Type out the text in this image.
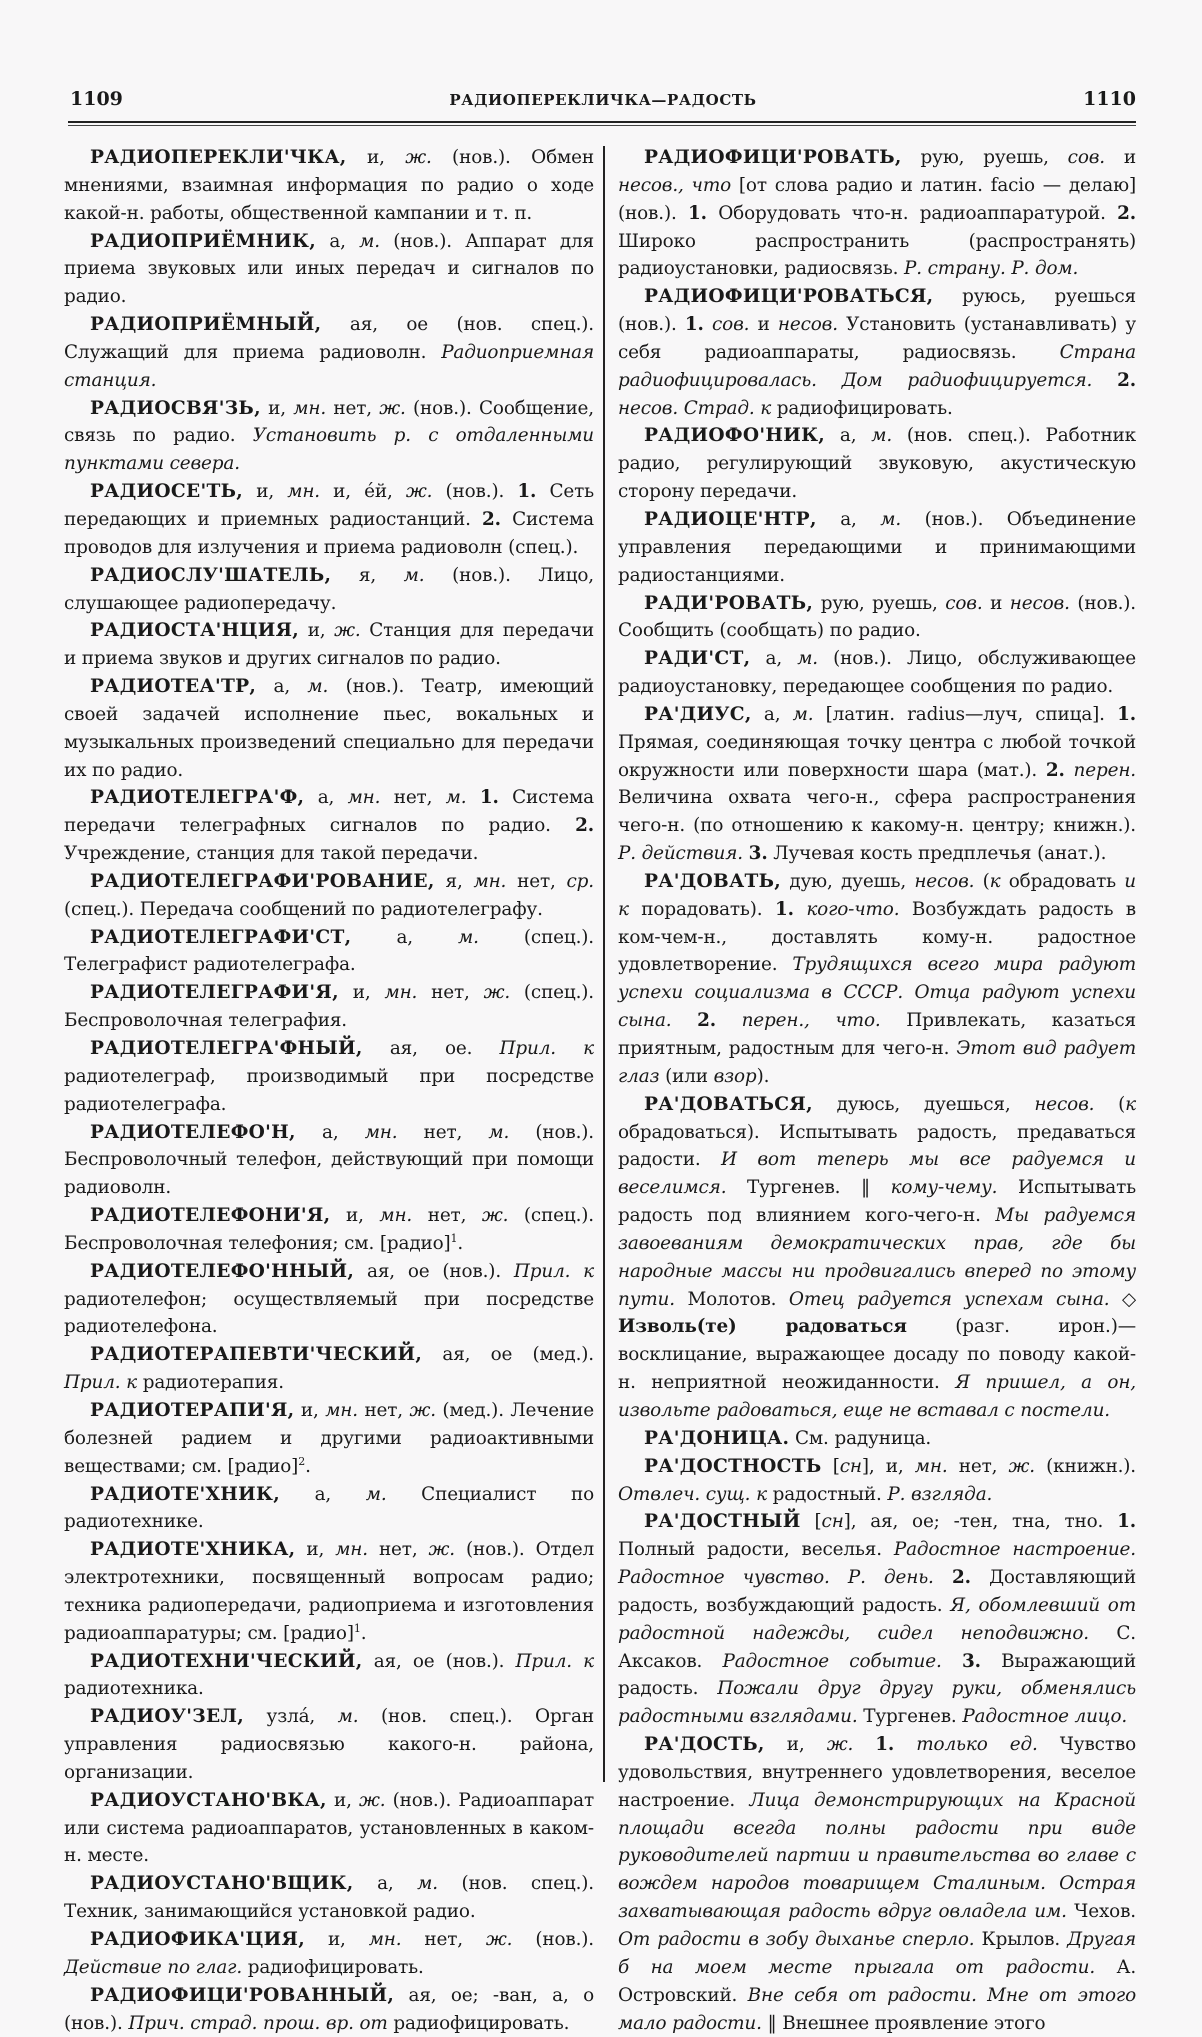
1109	РАДИОПЕРЕКЛИЧКА—РАДОСТЬ	1110

РАДИОПЕРЕКЛИ'ЧКА, и, ж. (нов.). Обмен мнениями, взаимная информация по радио о ходе какой-н. работы, общественной кампании и т. п.

РАДИОПРИЁМНИК, а, м. (нов.). Аппарат для приема звуковых или иных передач и сигналов по радио.

РАДИОПРИЁМНЫЙ, ая, ое (нов. спец.). Служащий для приема радиоволн. Радиоприемная станция.

РАДИОСВЯ'ЗЬ, и, мн. нет, ж. (нов.). Сообщение, связь по радио. Установить р. с отдаленными пунктами севера.

РАДИОСЕ'ТЬ, и, мн. и, е́й, ж. (нов.). 1. Сеть передающих и приемных радиостанций. 2. Система проводов для излучения и приема радиоволн (спец.).

РАДИОСЛУ'ШАТЕЛЬ, я, м. (нов.). Лицо, слушающее радиопередачу.

РАДИОСТА'НЦИЯ, и, ж. Станция для передачи и приема звуков и других сигналов по радио.

РАДИОТЕА'ТР, а, м. (нов.). Театр, имеющий своей задачей исполнение пьес, вокальных и музыкальных произведений специально для передачи их по радио.

РАДИОТЕЛЕГРА'Ф, а, мн. нет, м. 1. Система передачи телеграфных сигналов по радио. 2. Учреждение, станция для такой передачи.

РАДИОТЕЛЕГРАФИ'РОВАНИЕ, я, мн. нет, ср. (спец.). Передача сообщений по радиотелеграфу.

РАДИОТЕЛЕГРАФИ'СТ, а, м. (спец.). Телеграфист радиотелеграфа.

РАДИОТЕЛЕГРАФИ'Я, и, мн. нет, ж. (спец.). Беспроволочная телеграфия.

РАДИОТЕЛЕГРА'ФНЫЙ, ая, ое. Прил. к радиотелеграф, производимый при посредстве радиотелеграфа.

РАДИОТЕЛЕФО'Н, а, мн. нет, м. (нов.). Беспроволочный телефон, действующий при помощи радиоволн.

РАДИОТЕЛЕФОНИ'Я, и, мн. нет, ж. (спец.). Беспроволочная телефония; см. [радио]$^1$.

РАДИОТЕЛЕФО'ННЫЙ, ая, ое (нов.). Прил. к радиотелефон; осуществляемый при посредстве радиотелефона.

РАДИОТЕРАПЕВТИ'ЧЕСКИЙ, ая, ое (мед.). Прил. к радиотерапия.

РАДИОТЕРАПИ'Я, и, мн. нет, ж. (мед.). Лечение болезней радием и другими радиоактивными веществами; см. [радио]$^2$.

РАДИОТЕ'ХНИК, а, м. Специалист по радиотехнике.

РАДИОТЕ'ХНИКА, и, мн. нет, ж. (нов.). Отдел электротехники, посвященный вопросам радио; техника радиопередачи, радиоприема и изготовления радиоаппаратуры; см. [радио]$^1$.

РАДИОТЕХНИ'ЧЕСКИЙ, ая, ое (нов.). Прил. к радиотехника.

РАДИОУ'ЗЕЛ, узла́, м. (нов. спец.). Орган управления радиосвязью какого-н. района, организации.

РАДИОУСТАНО'ВКА, и, ж. (нов.). Радиоаппарат или система радиоаппаратов, установленных в каком-н. месте.

РАДИОУСТАНО'ВЩИК, а, м. (нов. спец.). Техник, занимающийся установкой радио.

РАДИОФИКА'ЦИЯ, и, мн. нет, ж. (нов.). Действие по глаг. радиофицировать.

РАДИОФИЦИ'РОВАННЫЙ, ая, ое; -ван, а, о (нов.). Прич. страд. прош. вр. от радиофицировать.

РАДИОФИЦИ'РОВАТЬ, рую, руешь, сов. и несов., что [от слова радио и латин. facio — делаю] (нов.). 1. Оборудовать что-н. радиоаппаратурой. 2. Широко распространить (распространять) радиоустановки, радиосвязь. Р. страну. Р. дом.

РАДИОФИЦИ'РОВАТЬСЯ, руюсь, руешься (нов.). 1. сов. и несов. Установить (устанавливать) у себя радиоаппараты, радиосвязь. Страна радиофицировалась. Дом радиофицируется. 2. несов. Страд. к радиофицировать.

РАДИОФО'НИК, а, м. (нов. спец.). Работник радио, регулирующий звуковую, акустическую сторону передачи.

РАДИОЦЕ'НТР, а, м. (нов.). Объединение управления передающими и принимающими радиостанциями.

РАДИ'РОВАТЬ, рую, руешь, сов. и несов. (нов.). Сообщить (сообщать) по радио.

РАДИ'СТ, а, м. (нов.). Лицо, обслуживающее радиоустановку, передающее сообщения по радио.

РА'ДИУС, а, м. [латин. radius—луч, спица]. 1. Прямая, соединяющая точку центра с любой точкой окружности или поверхности шара (мат.). 2. перен. Величина охвата чего-н., сфера распространения чего-н. (по отношению к какому-н. центру; книжн.). Р. действия. 3. Лучевая кость предплечья (анат.).

РА'ДОВАТЬ, дую, дуешь, несов. (к обрадовать и к порадовать). 1. кого-что. Возбуждать радость в ком-чем-н., доставлять кому-н. радостное удовлетворение. Трудящихся всего мира радуют успехи социализма в СССР. Отца радуют успехи сына. 2. перен., что. Привлекать, казаться приятным, радостным для чего-н. Этот вид радует глаз (или взор).

РА'ДОВАТЬСЯ, дуюсь, дуешься, несов. (к обрадоваться). Испытывать радость, предаваться радости. И вот теперь мы все радуемся и веселимся. Тургенев. ‖ кому-чему. Испытывать радость под влиянием кого-чего-н. Мы радуемся завоеваниям демократических прав, где бы народные массы ни продвигались вперед по этому пути. Молотов. Отец радуется успехам сына. ◇ Изволь(те) радоваться (разг. ирон.)—восклицание, выражающее досаду по поводу какой-н. неприятной неожиданности. Я пришел, а он, извольте радоваться, еще не вставал с постели.

РА'ДОНИЦА. См. радуница.

РА'ДОСТНОСТЬ [сн], и, мн. нет, ж. (книжн.). Отвлеч. сущ. к радостный. Р. взгляда.

РА'ДОСТНЫЙ [сн], ая, ое; -тен, тна, тно. 1. Полный радости, веселья. Радостное настроение. Радостное чувство. Р. день. 2. Доставляющий радость, возбуждающий радость. Я, обомлевший от радостной надежды, сидел неподвижно. С. Аксаков. Радостное событие. 3. Выражающий радость. Пожали друг другу руки, обменялись радостными взглядами. Тургенев. Радостное лицо.

РА'ДОСТЬ, и, ж. 1. только ед. Чувство удовольствия, внутреннего удовлетворения, веселое настроение. Лица демонстрирующих на Красной площади всегда полны радости при виде руководителей партии и правительства во главе с вождем народов товарищем Сталиным. Острая захватывающая радость вдруг овладела им. Чехов. От радости в зобу дыханье сперло. Крылов. Другая б на моем месте прыгала от радости. А. Островский. Вне себя от радости. Мне от этого мало радости. ‖ Внешнее проявление этого
